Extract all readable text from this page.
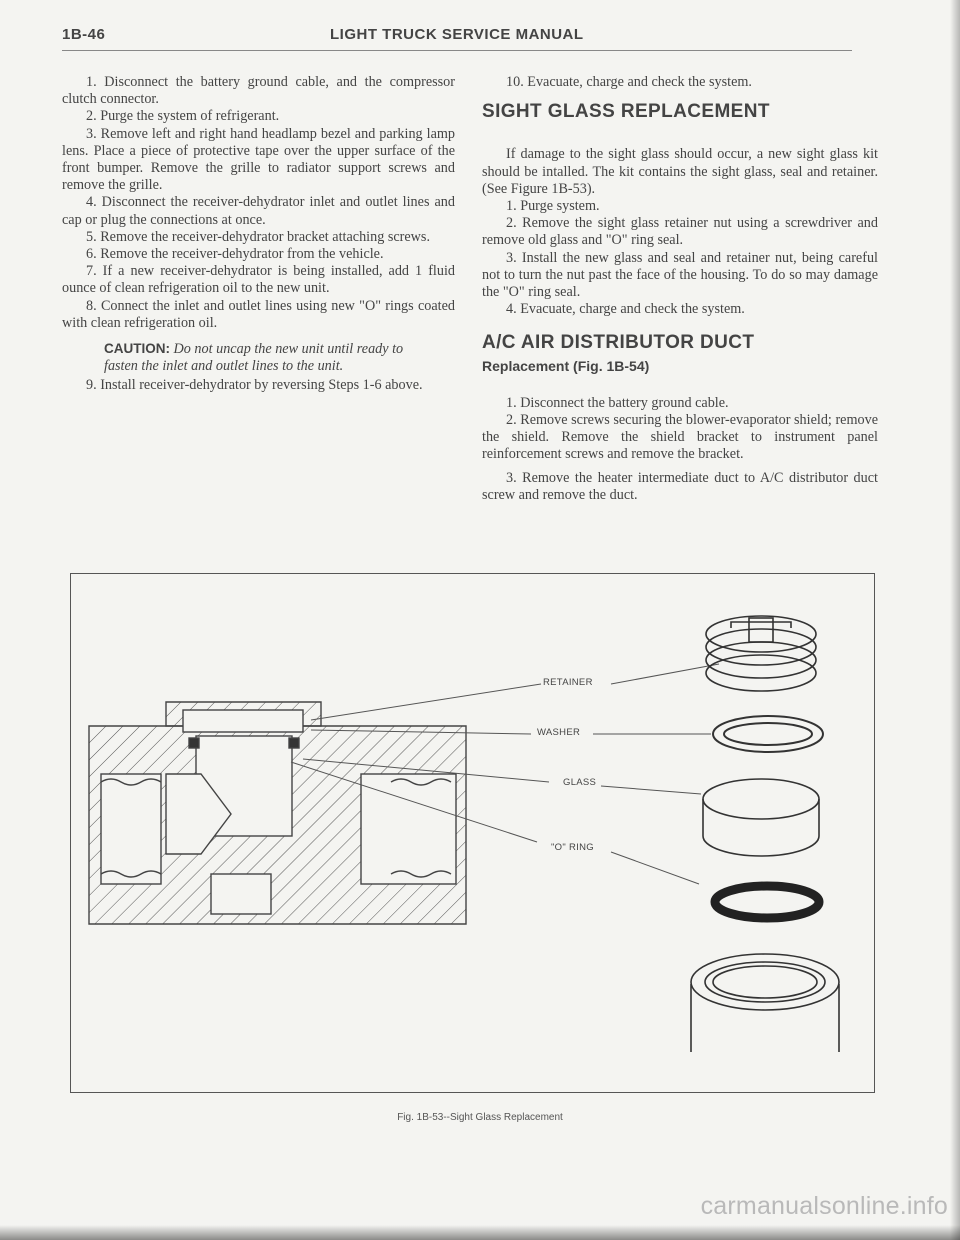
1B-46	LIGHT TRUCK SERVICE MANUAL

1. Disconnect the battery ground cable, and the compressor clutch connector.

2. Purge the system of refrigerant.

3. Remove left and right hand headlamp bezel and parking lamp lens. Place a piece of protective tape over the upper surface of the front bumper. Remove the grille to radiator support screws and remove the grille.

4. Disconnect the receiver-dehydrator inlet and outlet lines and cap or plug the connections at once.

5. Remove the receiver-dehydrator bracket attaching screws.

6. Remove the receiver-dehydrator from the vehicle.

7. If a new receiver-dehydrator is being installed, add 1 fluid ounce of clean refrigeration oil to the new unit.

8. Connect the inlet and outlet lines using new "O" rings coated with clean refrigeration oil.

CAUTION: Do not uncap the new unit until ready to fasten the inlet and outlet lines to the unit.

9. Install receiver-dehydrator by reversing Steps 1-6 above.

10. Evacuate, charge and check the system.

SIGHT GLASS REPLACEMENT

If damage to the sight glass should occur, a new sight glass kit should be intalled. The kit contains the sight glass, seal and retainer. (See Figure 1B-53).

1. Purge system.

2. Remove the sight glass retainer nut using a screwdriver and remove old glass and "O" ring seal.

3. Install the new glass and seal and retainer nut, being careful not to turn the nut past the face of the housing. To do so may damage the "O" ring seal.

4. Evacuate, charge and check the system.

A/C AIR DISTRIBUTOR DUCT
Replacement (Fig. 1B-54)

1. Disconnect the battery ground cable.

2. Remove screws securing the blower-evaporator shield; remove the shield. Remove the shield bracket to instrument panel reinforcement screws and remove the bracket.

3. Remove the heater intermediate duct to A/C distributor duct screw and remove the duct.

RETAINER
WASHER
GLASS
"O" RING
Fig. 1B-53--Sight Glass Replacement
carmanualsonline.info
